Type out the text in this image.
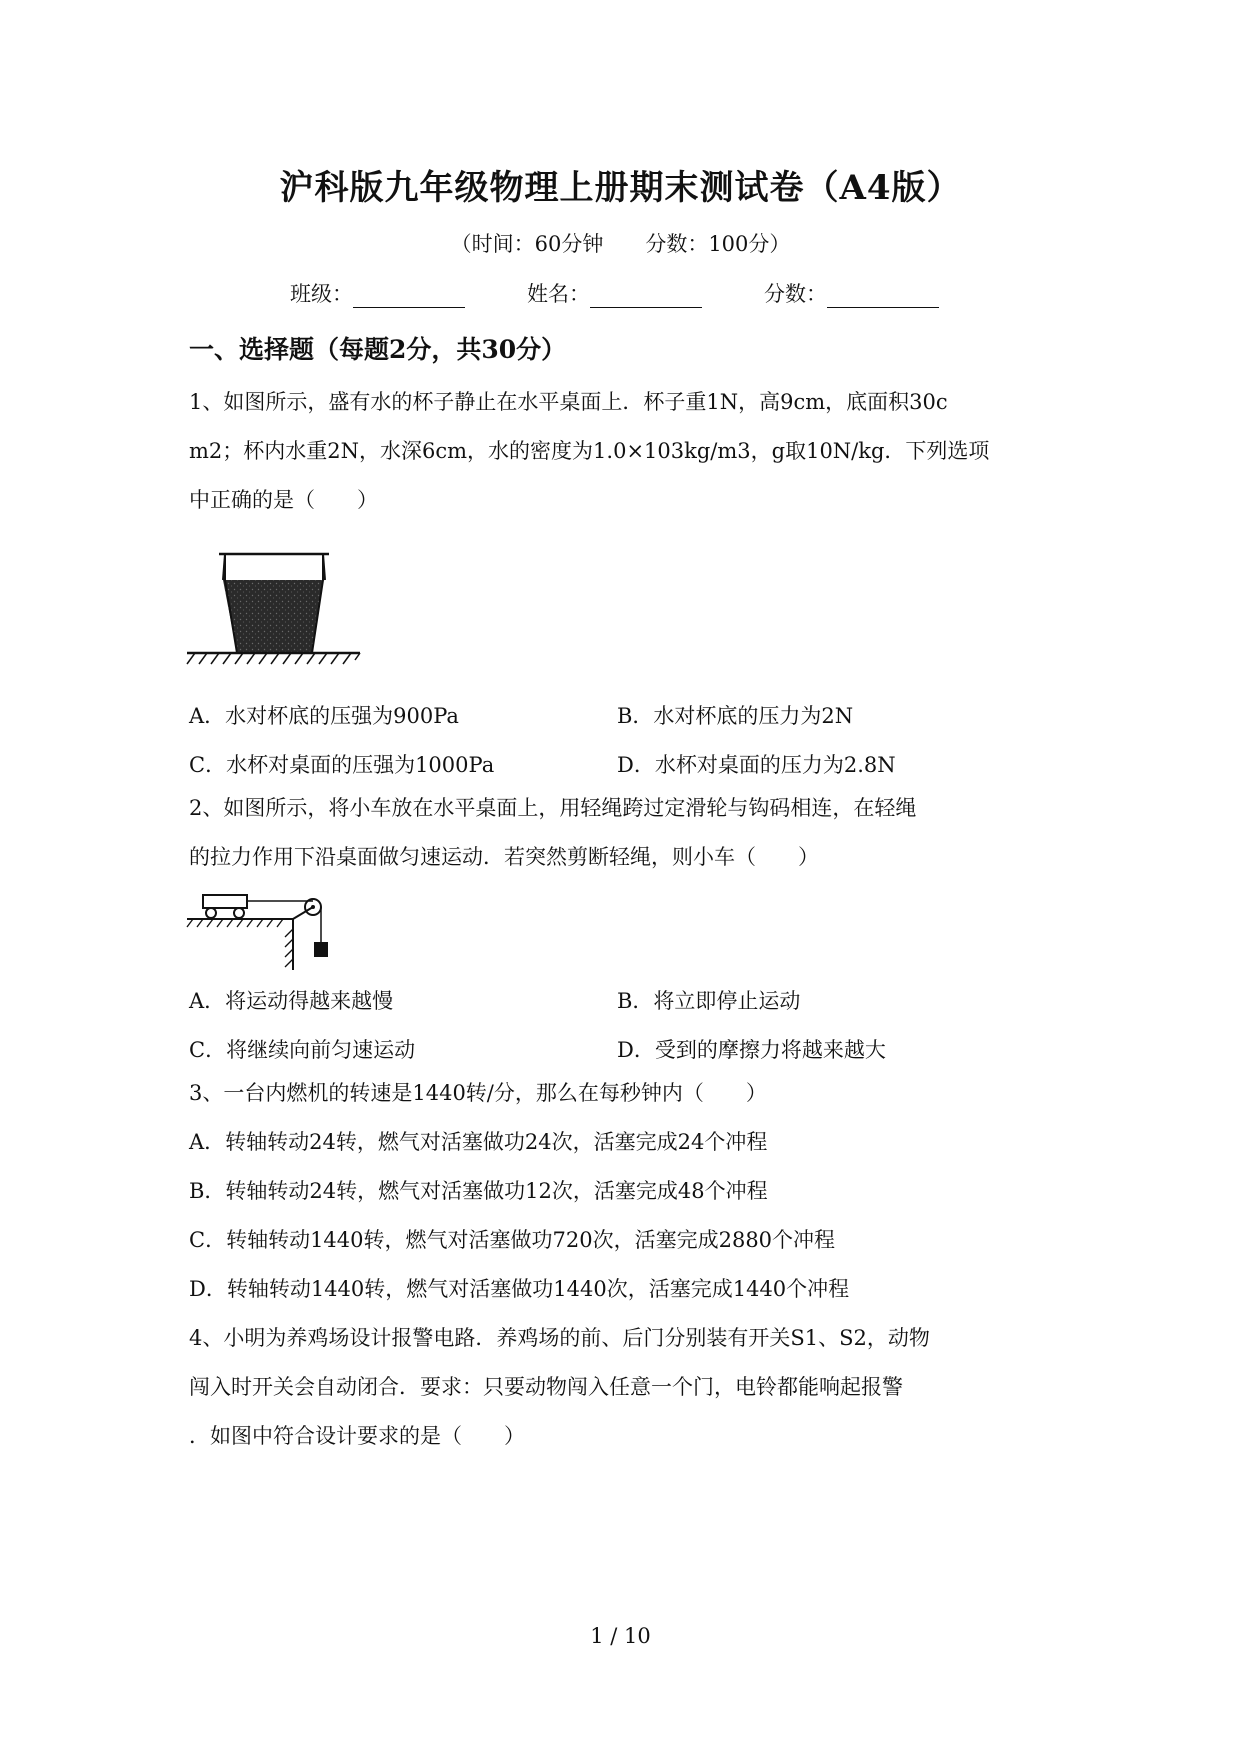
沪科版九年级物理上册期末测试卷（A4版）
（时间：60分钟　　分数：100分）
班级：	姓名：	分数：
一、选择题（每题2分，共30分）
1、如图所示，盛有水的杯子静止在水平桌面上．杯子重1N，高9cm，底面积30c
m2；杯内水重2N，水深6cm，水的密度为1.0×103kg/m3，g取10N/kg．下列选项
中正确的是（　　）
A．水对杯底的压强为900Pa	B．水对杯底的压力为2N
C．水杯对桌面的压强为1000Pa	D．水杯对桌面的压力为2.8N
2、如图所示，将小车放在水平桌面上，用轻绳跨过定滑轮与钩码相连，在轻绳
的拉力作用下沿桌面做匀速运动．若突然剪断轻绳，则小车（　　）
A．将运动得越来越慢	B．将立即停止运动
C．将继续向前匀速运动	D．受到的摩擦力将越来越大
3、一台内燃机的转速是1440转/分，那么在每秒钟内（　　）
A．转轴转动24转，燃气对活塞做功24次，活塞完成24个冲程
B．转轴转动24转，燃气对活塞做功12次，活塞完成48个冲程
C．转轴转动1440转，燃气对活塞做功720次，活塞完成2880个冲程
D．转轴转动1440转，燃气对活塞做功1440次，活塞完成1440个冲程
4、小明为养鸡场设计报警电路．养鸡场的前、后门分别装有开关S1、S2，动物
闯入时开关会自动闭合．要求：只要动物闯入任意一个门，电铃都能响起报警
．如图中符合设计要求的是（　　）
1 / 10
